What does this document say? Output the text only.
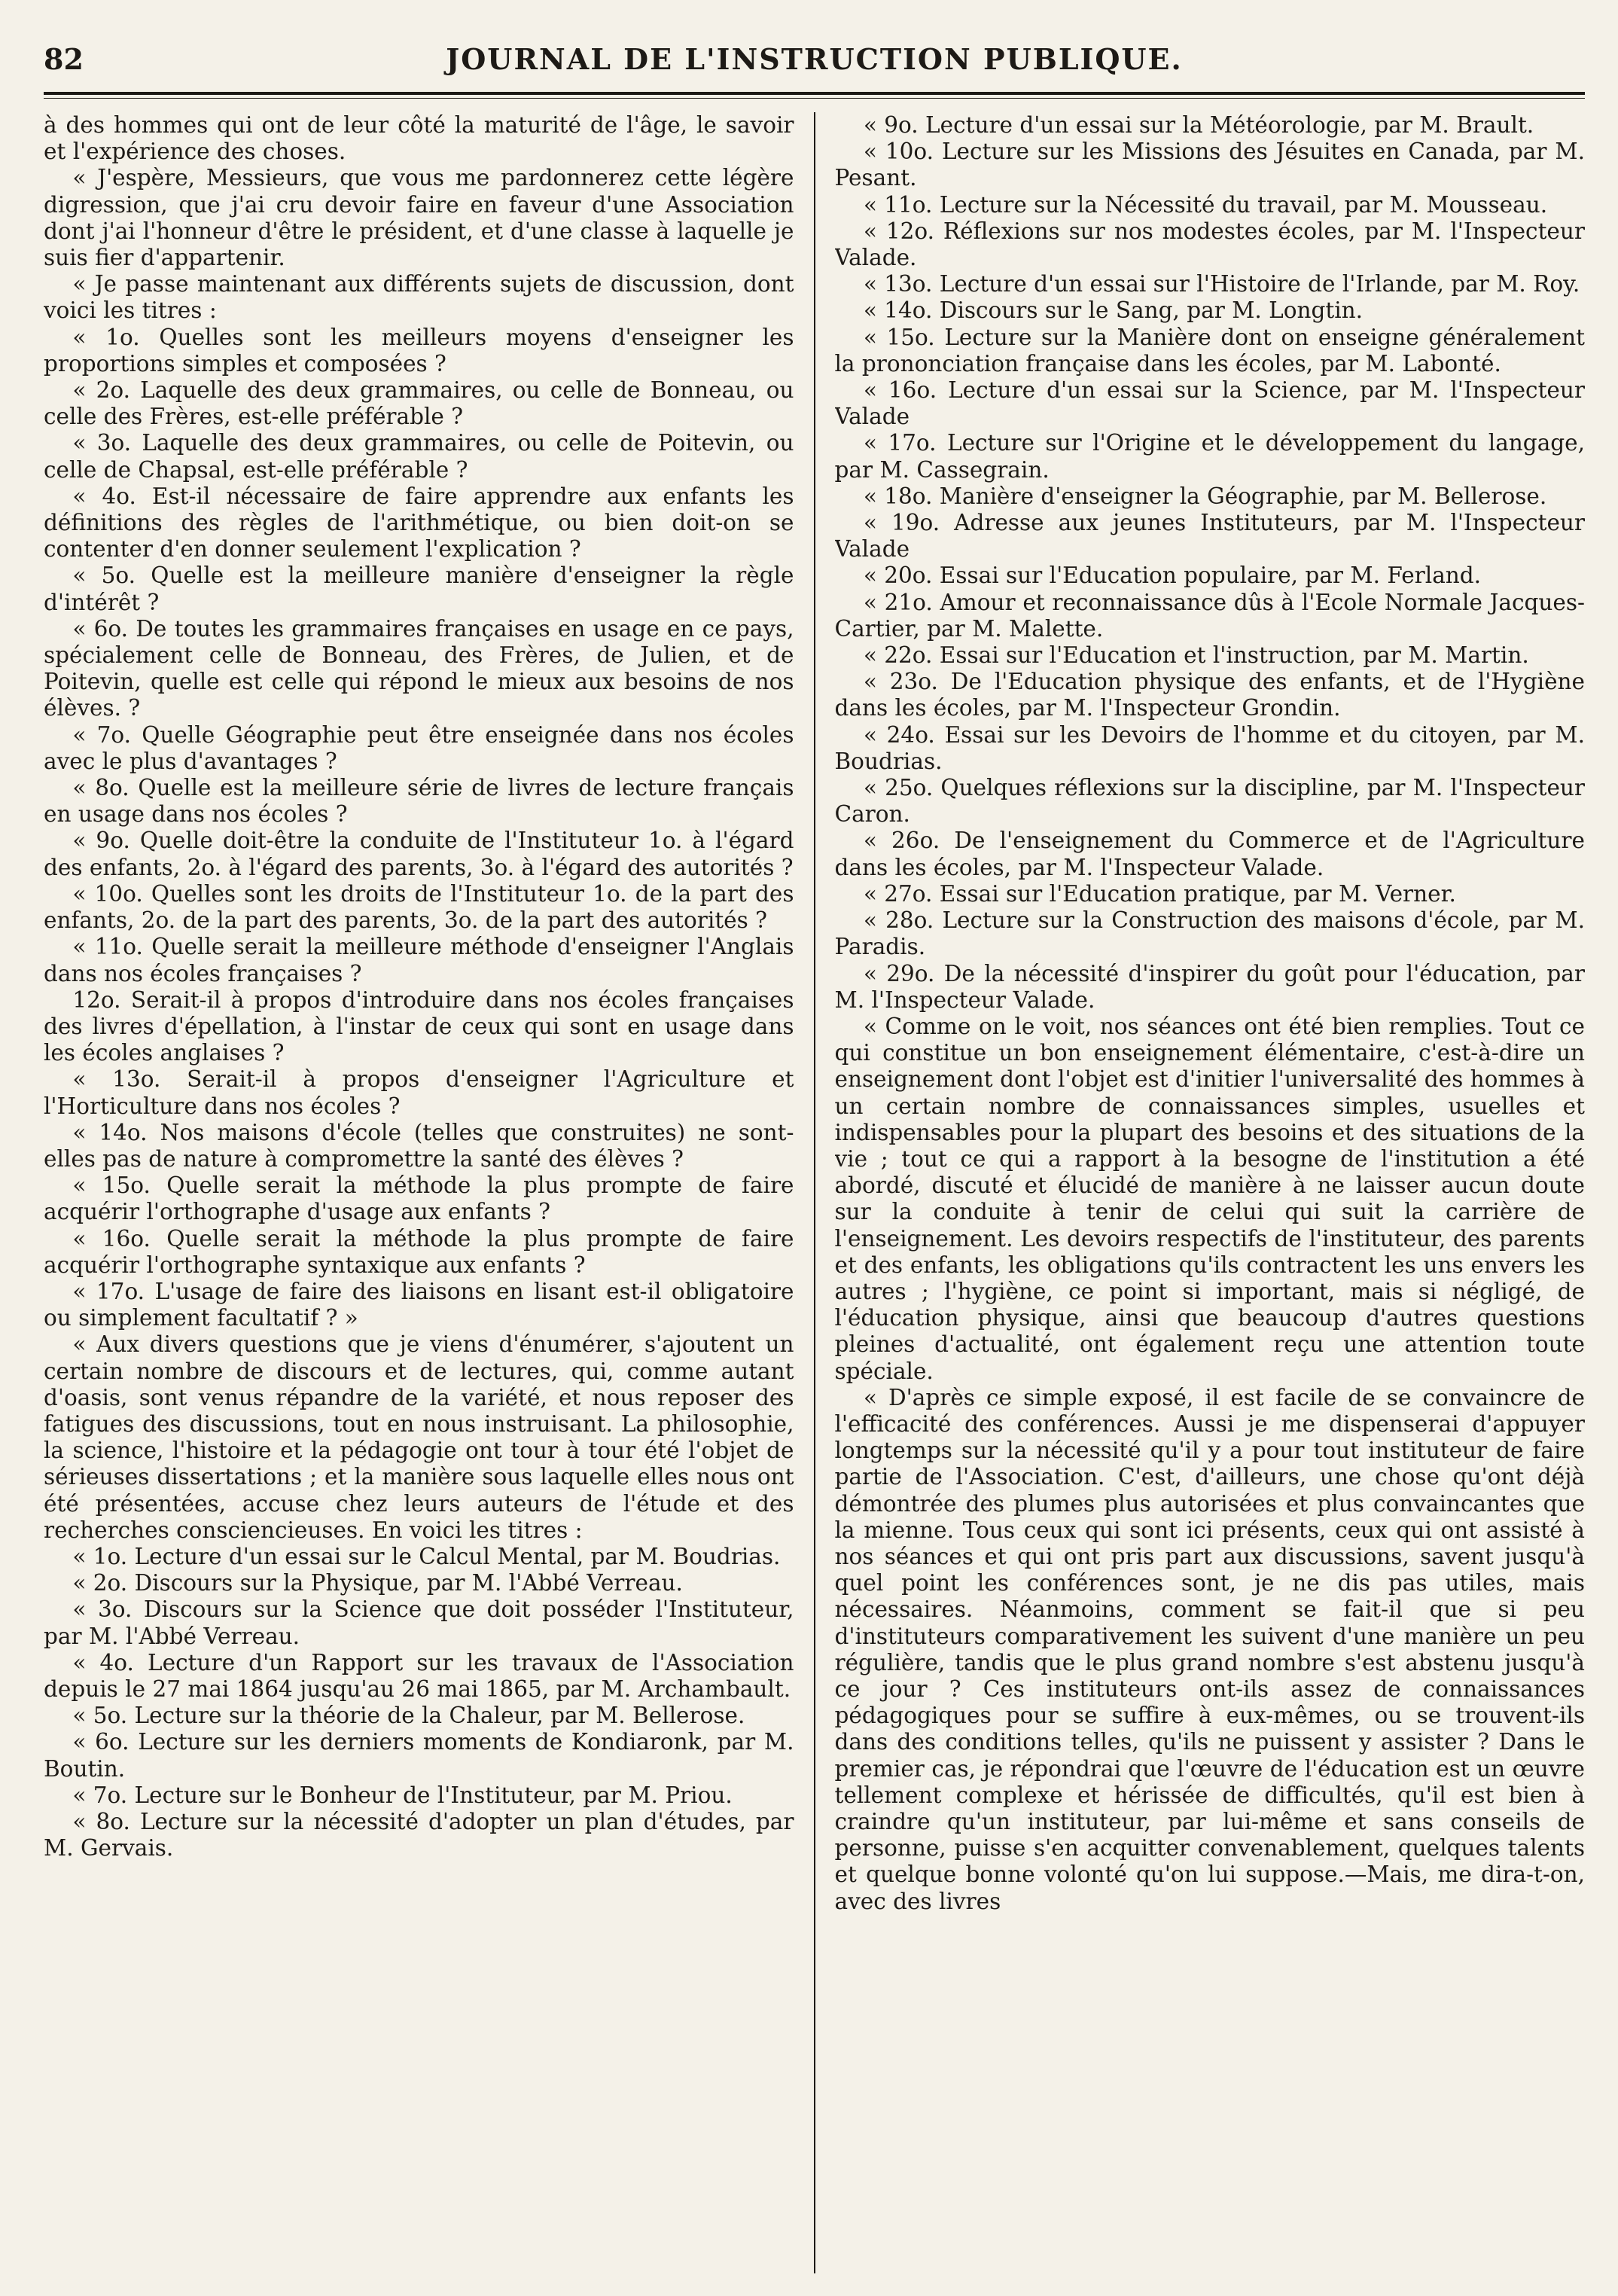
82	JOURNAL DE L'INSTRUCTION PUBLIQUE.

à des hommes qui ont de leur côté la maturité de l'âge, le savoir et l'expérience des choses.

« J'espère, Messieurs, que vous me pardonnerez cette légère digression, que j'ai cru devoir faire en faveur d'une Association dont j'ai l'honneur d'être le président, et d'une classe à laquelle je suis fier d'appartenir.

« Je passe maintenant aux différents sujets de discussion, dont voici les titres :

« 1o. Quelles sont les meilleurs moyens d'enseigner les proportions simples et composées ?

« 2o. Laquelle des deux grammaires, ou celle de Bonneau, ou celle des Frères, est-elle préférable ?

« 3o. Laquelle des deux grammaires, ou celle de Poitevin, ou celle de Chapsal, est-elle préférable ?

« 4o. Est-il nécessaire de faire apprendre aux enfants les définitions des règles de l'arithmétique, ou bien doit-on se contenter d'en donner seulement l'explication ?

« 5o. Quelle est la meilleure manière d'enseigner la règle d'intérêt ?

« 6o. De toutes les grammaires françaises en usage en ce pays, spécialement celle de Bonneau, des Frères, de Julien, et de Poitevin, quelle est celle qui répond le mieux aux besoins de nos élèves. ?

« 7o. Quelle Géographie peut être enseignée dans nos écoles avec le plus d'avantages ?

« 8o. Quelle est la meilleure série de livres de lecture français en usage dans nos écoles ?

« 9o. Quelle doit-être la conduite de l'Instituteur 1o. à l'égard des enfants, 2o. à l'égard des parents, 3o. à l'égard des autorités ?

« 10o. Quelles sont les droits de l'Instituteur 1o. de la part des enfants, 2o. de la part des parents, 3o. de la part des autorités ?

« 11o. Quelle serait la meilleure méthode d'enseigner l'Anglais dans nos écoles françaises ?

12o. Serait-il à propos d'introduire dans nos écoles françaises des livres d'épellation, à l'instar de ceux qui sont en usage dans les écoles anglaises ?

« 13o. Serait-il à propos d'enseigner l'Agriculture et l'Horticulture dans nos écoles ?

« 14o. Nos maisons d'école (telles que construites) ne sont-elles pas de nature à compromettre la santé des élèves ?

« 15o. Quelle serait la méthode la plus prompte de faire acquérir l'orthographe d'usage aux enfants ?

« 16o. Quelle serait la méthode la plus prompte de faire acquérir l'orthographe syntaxique aux enfants ?

« 17o. L'usage de faire des liaisons en lisant est-il obligatoire ou simplement facultatif ? »

« Aux divers questions que je viens d'énumérer, s'ajoutent un certain nombre de discours et de lectures, qui, comme autant d'oasis, sont venus répandre de la variété, et nous reposer des fatigues des discussions, tout en nous instruisant. La philosophie, la science, l'histoire et la pédagogie ont tour à tour été l'objet de sérieuses dissertations ; et la manière sous laquelle elles nous ont été présentées, accuse chez leurs auteurs de l'étude et des recherches consciencieuses. En voici les titres :

« 1o. Lecture d'un essai sur le Calcul Mental, par M. Boudrias.

« 2o. Discours sur la Physique, par M. l'Abbé Verreau.

« 3o. Discours sur la Science que doit posséder l'Instituteur, par M. l'Abbé Verreau.

« 4o. Lecture d'un Rapport sur les travaux de l'Association depuis le 27 mai 1864 jusqu'au 26 mai 1865, par M. Archambault.

« 5o. Lecture sur la théorie de la Chaleur, par M. Bellerose.

« 6o. Lecture sur les derniers moments de Kondiaronk, par M. Boutin.

« 7o. Lecture sur le Bonheur de l'Instituteur, par M. Priou.

« 8o. Lecture sur la nécessité d'adopter un plan d'études, par M. Gervais.

« 9o. Lecture d'un essai sur la Météorologie, par M. Brault.

« 10o. Lecture sur les Missions des Jésuites en Canada, par M. Pesant.

« 11o. Lecture sur la Nécessité du travail, par M. Mousseau.

« 12o. Réflexions sur nos modestes écoles, par M. l'Inspecteur Valade.

« 13o. Lecture d'un essai sur l'Histoire de l'Irlande, par M. Roy.

« 14o. Discours sur le Sang, par M. Longtin.

« 15o. Lecture sur la Manière dont on enseigne généralement la prononciation française dans les écoles, par M. Labonté.

« 16o. Lecture d'un essai sur la Science, par M. l'Inspecteur Valade

« 17o. Lecture sur l'Origine et le développement du langage, par M. Cassegrain.

« 18o. Manière d'enseigner la Géographie, par M. Bellerose.

« 19o. Adresse aux jeunes Instituteurs, par M. l'Inspecteur Valade

« 20o. Essai sur l'Education populaire, par M. Ferland.

« 21o. Amour et reconnaissance dûs à l'Ecole Normale Jacques-Cartier, par M. Malette.

« 22o. Essai sur l'Education et l'instruction, par M. Martin.

« 23o. De l'Education physique des enfants, et de l'Hygiène dans les écoles, par M. l'Inspecteur Grondin.

« 24o. Essai sur les Devoirs de l'homme et du citoyen, par M. Boudrias.

« 25o. Quelques réflexions sur la discipline, par M. l'Inspecteur Caron.

« 26o. De l'enseignement du Commerce et de l'Agriculture dans les écoles, par M. l'Inspecteur Valade.

« 27o. Essai sur l'Education pratique, par M. Verner.

« 28o. Lecture sur la Construction des maisons d'école, par M. Paradis.

« 29o. De la nécessité d'inspirer du goût pour l'éducation, par M. l'Inspecteur Valade.

« Comme on le voit, nos séances ont été bien remplies. Tout ce qui constitue un bon enseignement élémentaire, c'est-à-dire un enseignement dont l'objet est d'initier l'universalité des hommes à un certain nombre de connaissances simples, usuelles et indispensables pour la plupart des besoins et des situations de la vie ; tout ce qui a rapport à la besogne de l'institution a été abordé, discuté et élucidé de manière à ne laisser aucun doute sur la conduite à tenir de celui qui suit la carrière de l'enseignement. Les devoirs respectifs de l'instituteur, des parents et des enfants, les obligations qu'ils contractent les uns envers les autres ; l'hygiène, ce point si important, mais si négligé, de l'éducation physique, ainsi que beaucoup d'autres questions pleines d'actualité, ont également reçu une attention toute spéciale.

« D'après ce simple exposé, il est facile de se convaincre de l'efficacité des conférences. Aussi je me dispenserai d'appuyer longtemps sur la nécessité qu'il y a pour tout instituteur de faire partie de l'Association. C'est, d'ailleurs, une chose qu'ont déjà démontrée des plumes plus autorisées et plus convaincantes que la mienne. Tous ceux qui sont ici présents, ceux qui ont assisté à nos séances et qui ont pris part aux discussions, savent jusqu'à quel point les conférences sont, je ne dis pas utiles, mais nécessaires. Néanmoins, comment se fait-il que si peu d'instituteurs comparativement les suivent d'une manière un peu régulière, tandis que le plus grand nombre s'est abstenu jusqu'à ce jour ? Ces instituteurs ont-ils assez de connaissances pédagogiques pour se suffire à eux-mêmes, ou se trouvent-ils dans des conditions telles, qu'ils ne puissent y assister ? Dans le premier cas, je répondrai que l'œuvre de l'éducation est un œuvre tellement complexe et hérissée de difficultés, qu'il est bien à craindre qu'un instituteur, par lui-même et sans conseils de personne, puisse s'en acquitter convenablement, quelques talents et quelque bonne volonté qu'on lui suppose.—Mais, me dira-t-on, avec des livres
